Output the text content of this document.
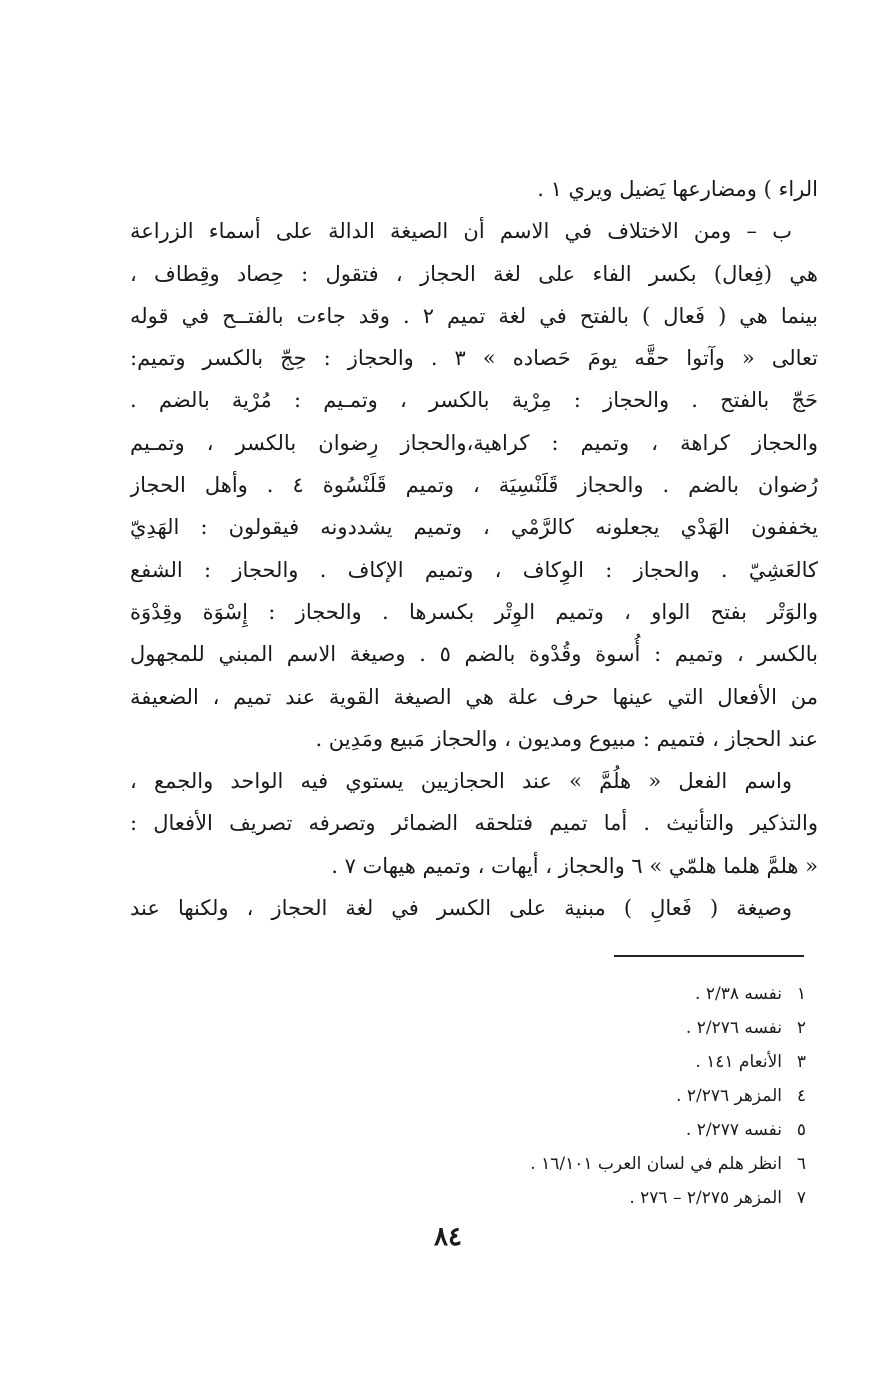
الراء ) ومضارعها يَضيل ويري ١ .
ب – ومن الاختلاف في الاسم أن الصيغة الدالة على أسماء الزراعة
هي (فِعال) بكسر الفاء على لغة الحجاز ، فتقول : حِصاد وقِطاف ،
بينما هي ( فَعال ) بالفتح في لغة تميم ٢ . وقد جاءت بالفتــح في قوله
تعالى « وآتوا حقَّه يومَ حَصاده » ٣ . والحجاز : حِجّ بالكسر وتميم:
حَجّ بالفتح . والحجاز : مِرْية بالكسر ، وتمـيم : مُرْية بالضم .
والحجاز كراهة ، وتميم : كراهية،والحجاز رِضوان بالكسر ، وتمـيم
رُضوان بالضم . والحجاز قَلَنْسِيَة ، وتميم قَلَنْسُوة ٤ . وأهل الحجاز
يخففون الهَدْي يجعلونه كالرَّمْي ، وتميم يشددونه فيقولون : الهَدِيّ
كالعَشِيّ . والحجاز : الوِكاف ، وتميم الإكاف . والحجاز : الشفع
والوَتْر بفتح الواو ، وتميم الوِتْر بكسرها . والحجاز : إِسْوَة وقِدْوَة
بالكسر ، وتميم : أُسوة وقُدْوة بالضم ٥ . وصيغة الاسم المبني للمجهول
من الأفعال التي عينها حرف علة هي الصيغة القوية عند تميم ، الضعيفة
عند الحجاز ، فتميم : مبيوع ومديون ، والحجاز مَبيع ومَدِين .
واسم الفعل « هلُمَّ » عند الحجازيين يستوي فيه الواحد والجمع ،
والتذكير والتأنيث . أما تميم فتلحقه الضمائر وتصرفه تصريف الأفعال :
« هلمَّ هلما هلمّي » ٦ والحجاز ، أيهات ، وتميم هيهات ٧ .
وصيغة ( فَعالِ ) مبنية على الكسر في لغة الحجاز ، ولكنها عند
١نفسه ٢/٣٨ .
٢نفسه ٢/٢٧٦ .
٣الأنعام ١٤١ .
٤المزهر ٢/٢٧٦ .
٥نفسه ٢/٢٧٧ .
٦انظر هلم في لسان العرب ١٦/١٠١ .
٧المزهر ٢/٢٧٥ – ٢٧٦ .
٨٤
